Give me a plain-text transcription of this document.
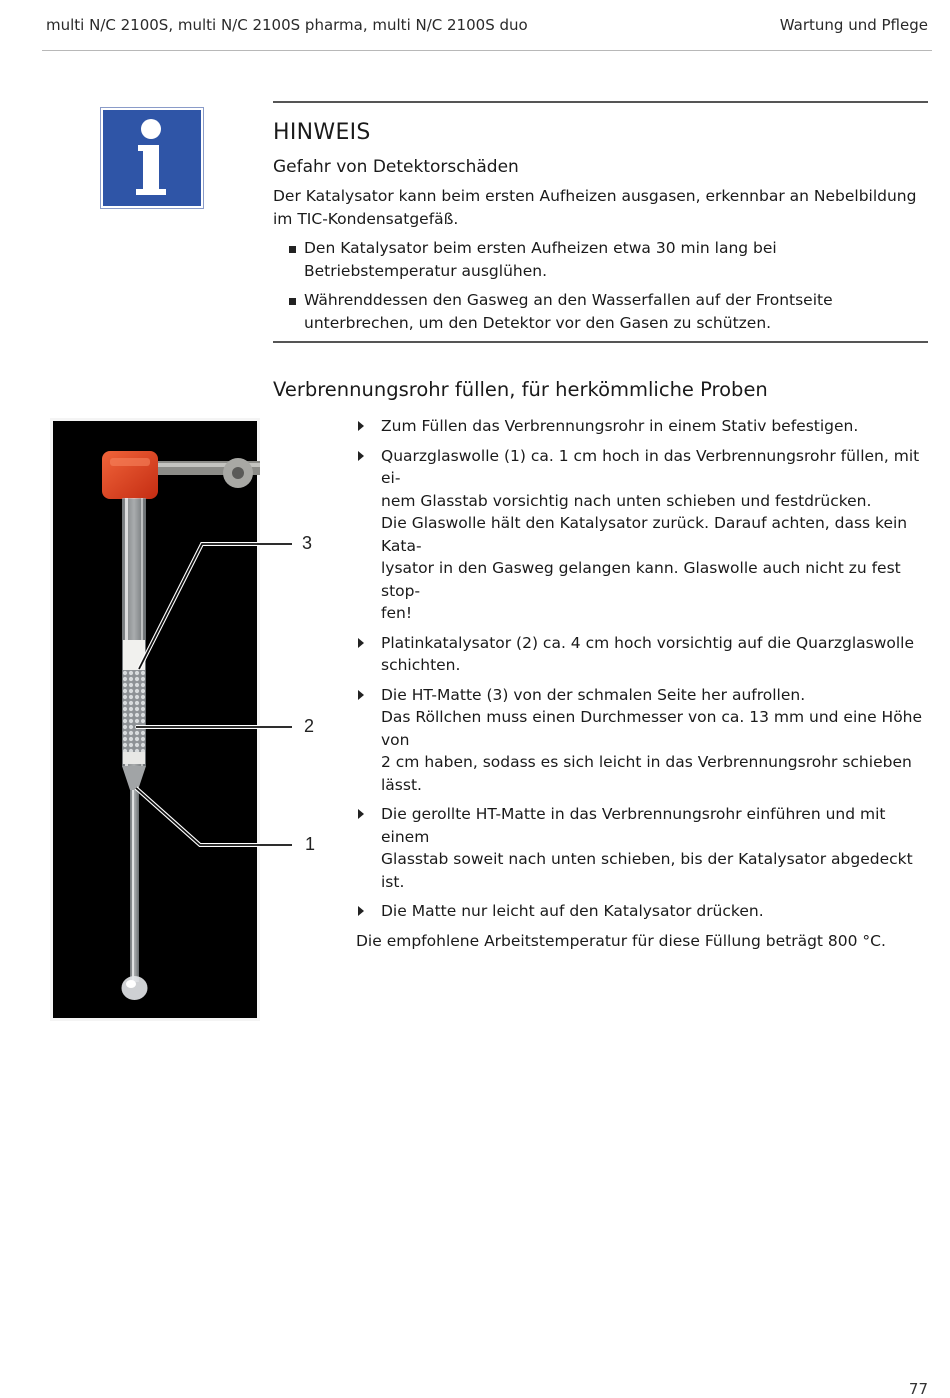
multi N/C 2100S, multi N/C 2100S pharma, multi N/C 2100S duo	Wartung und Pflege
HINWEIS
Gefahr von Detektorschäden
Der Katalysator kann beim ersten Aufheizen ausgasen, erkennbar an Nebelbildung im TIC-Kondensatgefäß.
Den Katalysator beim ersten Aufheizen etwa 30 min lang bei Betriebstemperatur ausglühen.
Währenddessen den Gasweg an den Wasserfallen auf der Frontseite unterbrechen, um den Detektor vor den Gasen zu schützen.
Verbrennungsrohr füllen, für herkömmliche Proben
3
2
1
Zum Füllen das Verbrennungsrohr in einem Stativ befestigen.
Quarzglaswolle (1) ca. 1 cm hoch in das Verbrennungsrohr füllen, mit ei-
nem Glasstab vorsichtig nach unten schieben und festdrücken.
Die Glaswolle hält den Katalysator zurück. Darauf achten, dass kein Kata-
lysator in den Gasweg gelangen kann. Glaswolle auch nicht zu fest stop-
fen!
Platinkatalysator (2) ca. 4 cm hoch vorsichtig auf die Quarzglaswolle
schichten.
Die HT-Matte (3) von der schmalen Seite her aufrollen.
Das Röllchen muss einen Durchmesser von ca. 13 mm und eine Höhe von
2 cm haben, sodass es sich leicht in das Verbrennungsrohr schieben lässt.
Die gerollte HT-Matte in das Verbrennungsrohr einführen und mit einem
Glasstab soweit nach unten schieben, bis der Katalysator abgedeckt ist.
Die Matte nur leicht auf den Katalysator drücken.
Die empfohlene Arbeitstemperatur für diese Füllung beträgt 800 °C.
77
